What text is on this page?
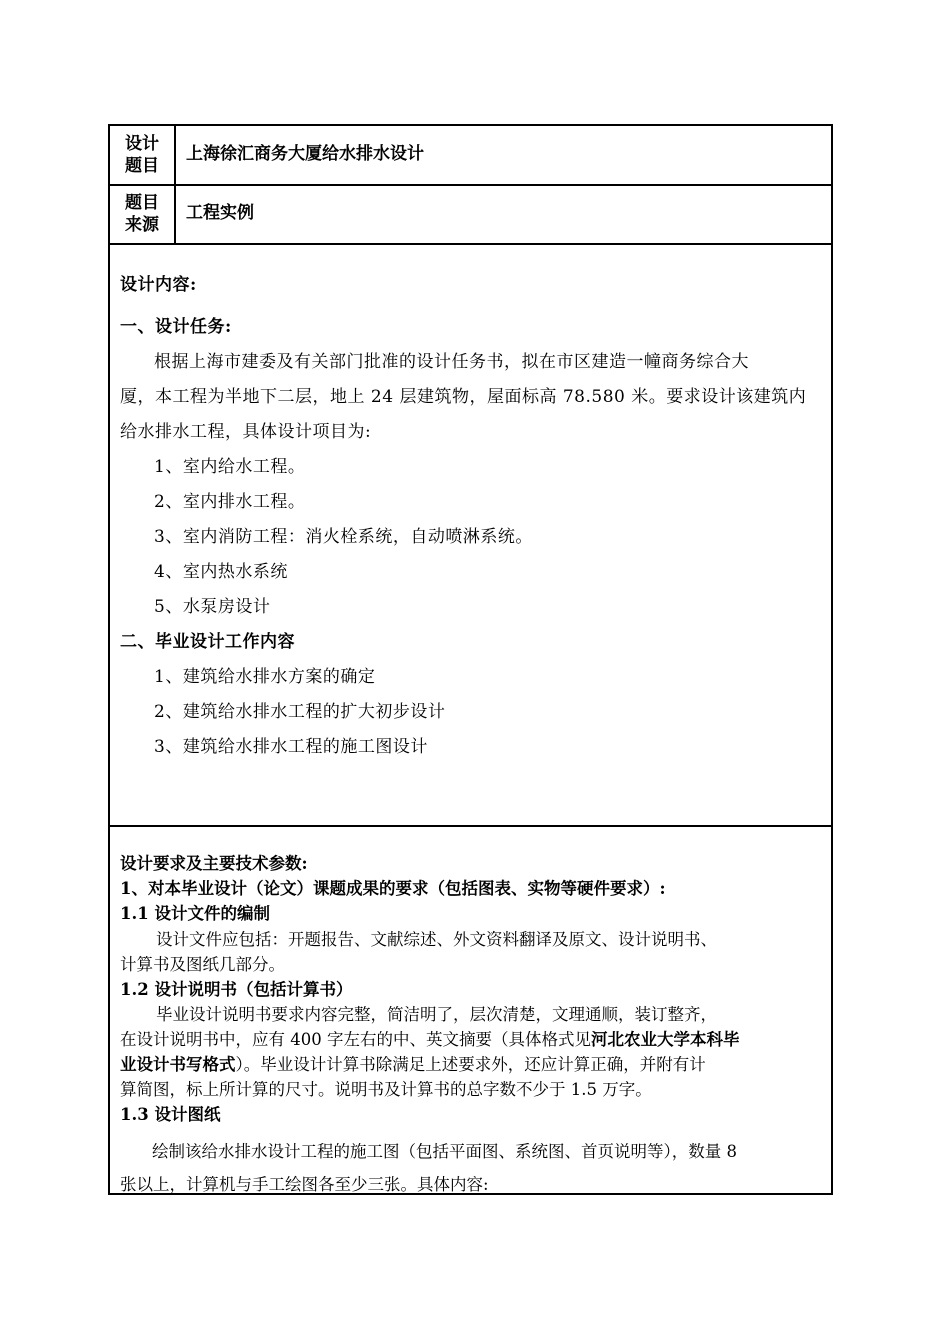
设计
题目
上海徐汇商务大厦给水排水设计
题目
来源
工程实例
设计内容:
一、设计任务:
根据上海市建委及有关部门批准的设计任务书，拟在市区建造一幢商务综合大
厦，本工程为半地下二层，地上 24 层建筑物，屋面标高 78.580 米。要求设计该建筑内
给水排水工程，具体设计项目为:
1、室内给水工程。
2、室内排水工程。
3、室内消防工程：消火栓系统，自动喷淋系统。
4、室内热水系统
5、水泵房设计
二、毕业设计工作内容
1、建筑给水排水方案的确定
2、建筑给水排水工程的扩大初步设计
3、建筑给水排水工程的施工图设计
设计要求及主要技术参数:
1、对本毕业设计（论文）课题成果的要求（包括图表、实物等硬件要求）:
1.1 设计文件的编制
设计文件应包括：开题报告、文献综述、外文资料翻译及原文、设计说明书、
计算书及图纸几部分。
1.2 设计说明书（包括计算书）
毕业设计说明书要求内容完整，简洁明了，层次清楚，文理通顺，装订整齐，
在设计说明书中，应有 400 字左右的中、英文摘要（具体格式见河北农业大学本科毕
业设计书写格式）。毕业设计计算书除满足上述要求外，还应计算正确，并附有计
算简图，标上所计算的尺寸。说明书及计算书的总字数不少于 1.5 万字。
1.3 设计图纸
绘制该给水排水设计工程的施工图（包括平面图、系统图、首页说明等），数量 8
张以上，计算机与手工绘图各至少三张。具体内容:
